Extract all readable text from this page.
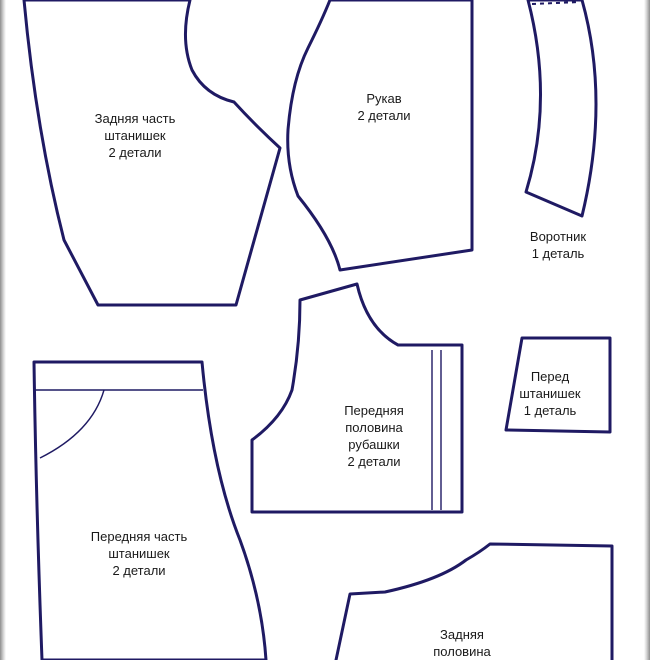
Задняя часть
штанишек
2 детали
Рукав
2 детали
Воротник
1 деталь
Передняя
половина
рубашки
2 детали
Перед
штанишек
1 деталь
Передняя часть
штанишек
2 детали
Задняя
половина
